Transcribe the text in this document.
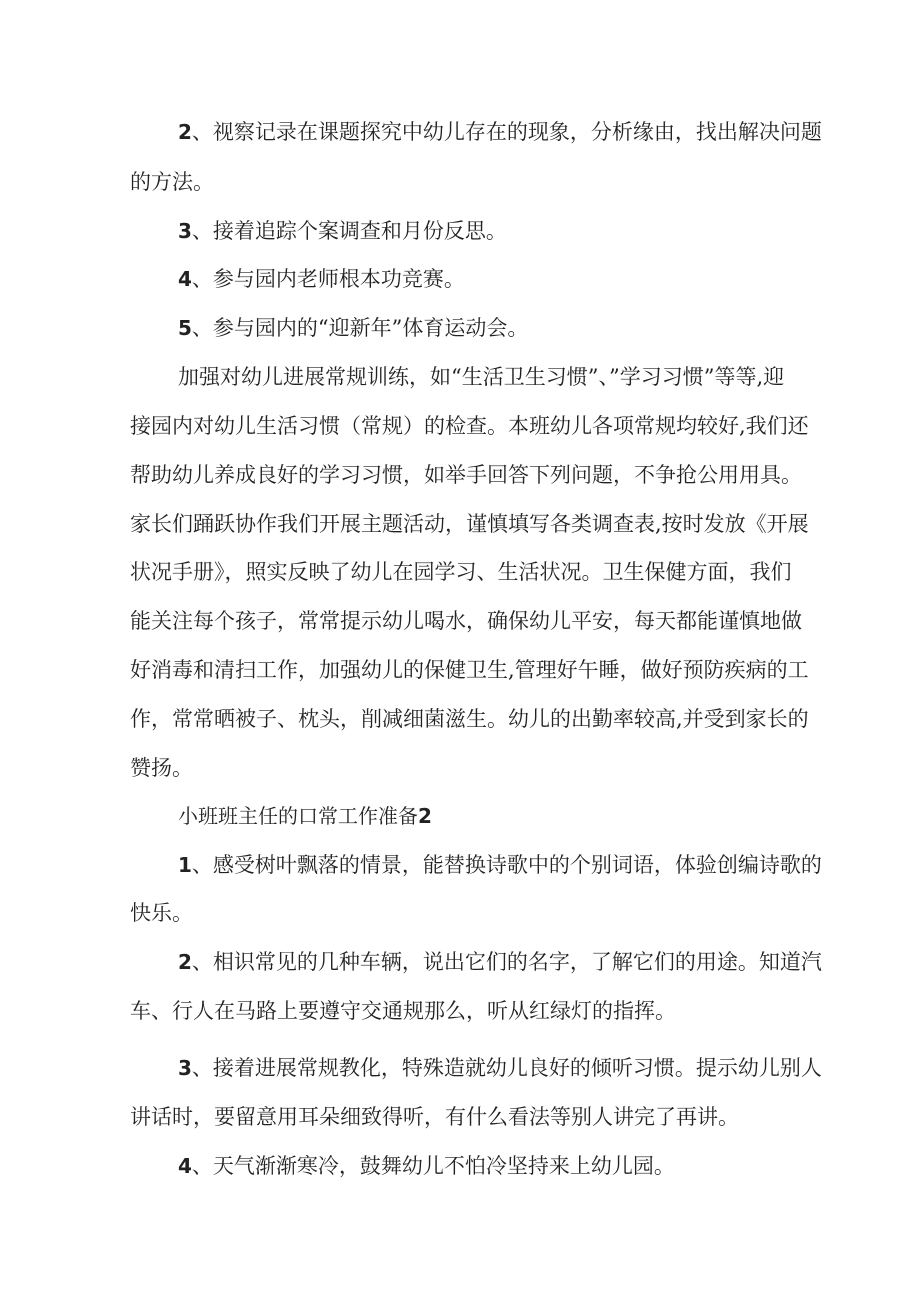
2、视察记录在课题探究中幼儿存在的现象，分析缘由，找出解决问题

的方法。

3、接着追踪个案调查和月份反思。

4、参与园内老师根本功竞赛。

5、参与园内的“迎新年”体育运动会。

加强对幼儿进展常规训练，如“生活卫生习惯”、”学习习惯”等等,迎

接园内对幼儿生活习惯（常规）的检查。本班幼儿各项常规均较好,我们还

帮助幼儿养成良好的学习习惯，如举手回答下列问题，不争抢公用用具。

家长们踊跃协作我们开展主题活动，谨慎填写各类调查表,按时发放《开展

状况手册》，照实反映了幼儿在园学习、生活状况。卫生保健方面，我们

能关注每个孩子，常常提示幼儿喝水，确保幼儿平安，每天都能谨慎地做

好消毒和清扫工作，加强幼儿的保健卫生,管理好午睡，做好预防疾病的工

作，常常晒被子、枕头，削减细菌滋生。幼儿的出勤率较高,并受到家长的

赞扬。

小班班主任的口常工作准备2

1、感受树叶飘落的情景，能替换诗歌中的个别词语，体验创编诗歌的

快乐。

2、相识常见的几种车辆，说出它们的名字，了解它们的用途。知道汽

车、行人在马路上要遵守交通规那么，听从红绿灯的指挥。

3、接着进展常规教化，特殊造就幼儿良好的倾听习惯。提示幼儿别人

讲话时，要留意用耳朵细致得听，有什么看法等别人讲完了再讲。

4、天气渐渐寒冷，鼓舞幼儿不怕冷坚持来上幼儿园。
